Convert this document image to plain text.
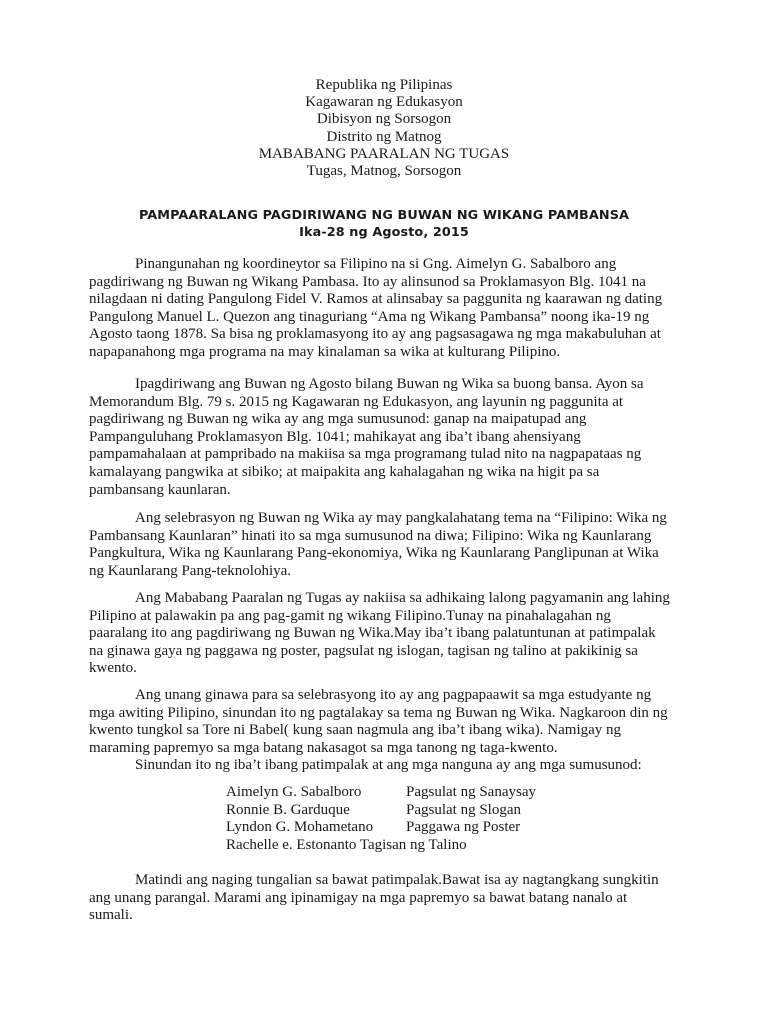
Republika ng Pilipinas
Kagawaran ng Edukasyon
Dibisyon ng Sorsogon
Distrito ng Matnog
MABABANG PAARALAN NG TUGAS
Tugas, Matnog, Sorsogon
PAMPAARALANG PAGDIRIWANG NG BUWAN NG WIKANG PAMBANSA
Ika-28 ng Agosto, 2015
Pinangunahan ng koordineytor sa Filipino na si Gng. Aimelyn G. Sabalboro ang
pagdiriwang ng Buwan ng Wikang Pambasa. Ito ay alinsunod sa Proklamasyon Blg. 1041 na
nilagdaan ni dating Pangulong Fidel V. Ramos at alinsabay sa paggunita ng kaarawan ng dating
Pangulong Manuel L. Quezon ang tinaguriang “Ama ng Wikang Pambansa” noong ika-19 ng
Agosto taong 1878. Sa bisa ng proklamasyong ito ay ang pagsasagawa ng mga makabuluhan at
napapanahong mga programa na may kinalaman sa wika at kulturang Pilipino.
Ipagdiriwang ang Buwan ng Agosto bilang Buwan ng Wika sa buong bansa. Ayon sa
Memorandum Blg. 79 s. 2015 ng Kagawaran ng Edukasyon, ang layunin ng paggunita at
pagdiriwang ng Buwan ng wika ay ang mga sumusunod: ganap na maipatupad ang
Pampanguluhang Proklamasyon Blg. 1041; mahikayat ang iba’t ibang ahensiyang
pampamahalaan at pampribado na makiisa sa mga programang tulad nito na nagpapataas ng
kamalayang pangwika at sibiko; at maipakita ang kahalagahan ng wika na higit pa sa
pambansang kaunlaran.
Ang selebrasyon ng Buwan ng Wika ay may pangkalahatang tema na “Filipino: Wika ng
Pambansang Kaunlaran” hinati ito sa mga sumusunod na diwa; Filipino: Wika ng Kaunlarang
Pangkultura, Wika ng Kaunlarang Pang-ekonomiya, Wika ng Kaunlarang Panglipunan at Wika
ng Kaunlarang Pang-teknolohiya.
Ang Mababang Paaralan ng Tugas ay nakiisa sa adhikaing lalong pagyamanin ang lahing
Pilipino at palawakin pa ang pag-gamit ng wikang Filipino.Tunay na pinahalagahan ng
paaralang ito ang pagdiriwang ng Buwan ng Wika.May iba’t ibang palatuntunan at patimpalak
na ginawa gaya ng paggawa ng poster, pagsulat ng islogan, tagisan ng talino at pakikinig sa
kwento.
Ang unang ginawa para sa selebrasyong ito ay ang pagpapaawit sa mga estudyante ng
mga awiting Pilipino, sinundan ito ng pagtalakay sa tema ng Buwan ng Wika. Nagkaroon din ng
kwento tungkol sa Tore ni Babel( kung saan nagmula ang iba’t ibang wika). Namigay ng
maraming papremyo sa mga batang nakasagot sa mga tanong ng taga-kwento.
Sinundan ito ng iba’t ibang patimpalak at ang mga nanguna ay ang mga sumusunod:
Aimelyn G. Sabalboro	Pagsulat ng Sanaysay
Ronnie B. Garduque	Pagsulat ng Slogan
Lyndon G. Mohametano Paggawa ng Poster
Rachelle e. Estonanto Tagisan ng Talino
Matindi ang naging tungalian sa bawat patimpalak.Bawat isa ay nagtangkang sungkitin
ang unang parangal. Marami ang ipinamigay na mga papremyo sa bawat batang nanalo at
sumali.
